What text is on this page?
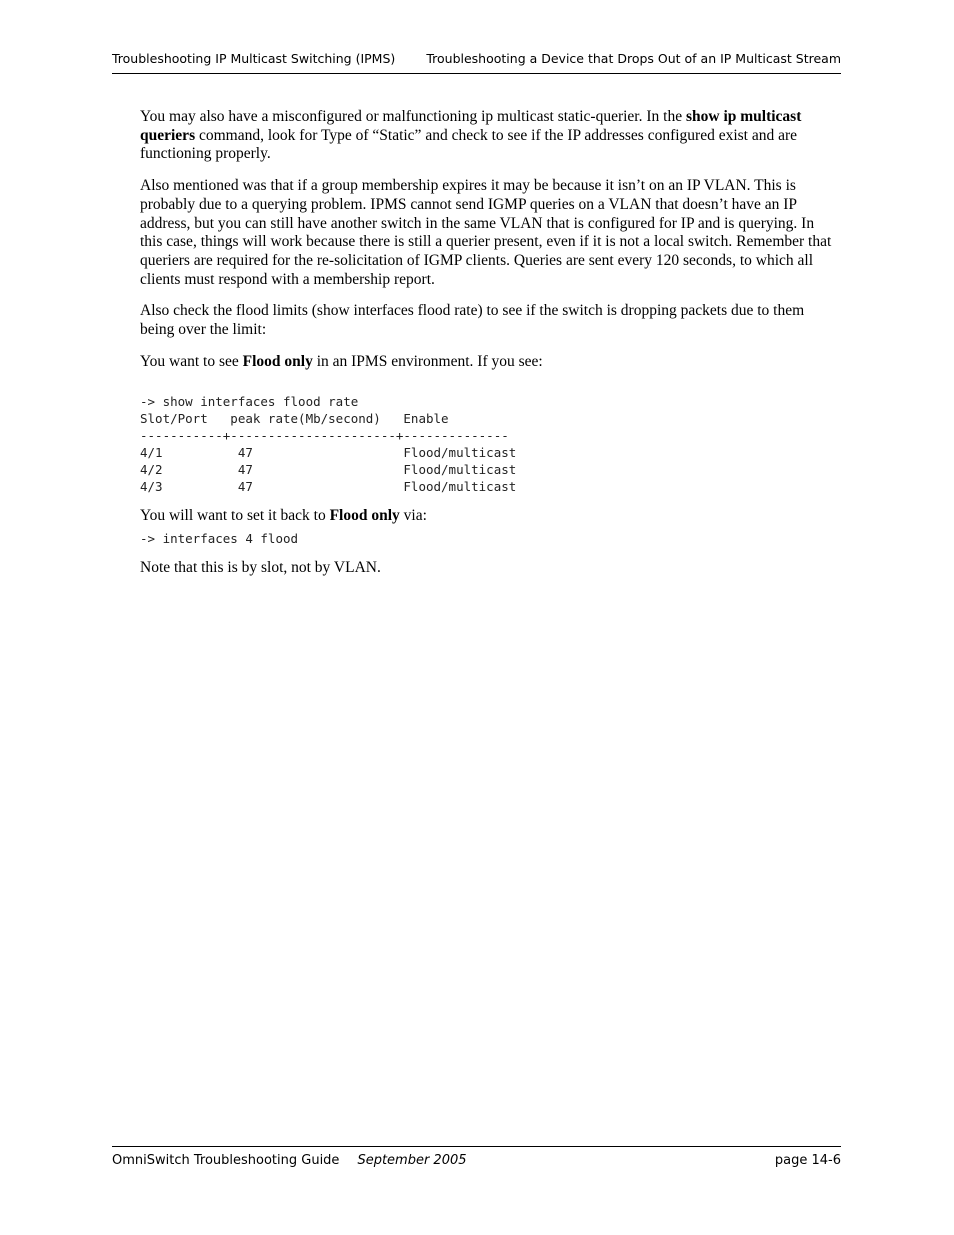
Troubleshooting IP Multicast Switching (IPMS) Troubleshooting a Device that Drops Out of an IP Multicast Stream

You may also have a misconfigured or malfunctioning ip multicast static-querier. In the show ip multicast queriers command, look for Type of “Static” and check to see if the IP addresses configured exist and are functioning properly.

Also mentioned was that if a group membership expires it may be because it isn’t on an IP VLAN. This is probably due to a querying problem. IPMS cannot send IGMP queries on a VLAN that doesn’t have an IP address, but you can still have another switch in the same VLAN that is configured for IP and is querying. In this case, things will work because there is still a querier present, even if it is not a local switch. Remember that queriers are required for the re-solicitation of IGMP clients. Queries are sent every 120 seconds, to which all clients must respond with a membership report.

Also check the flood limits (show interfaces flood rate) to see if the switch is dropping packets due to them being over the limit:

You want to see Flood only in an IPMS environment. If you see:

-> show interfaces flood rate
Slot/Port   peak rate(Mb/second)   Enable
-----------+----------------------+--------------
4/1          47                    Flood/multicast
4/2          47                    Flood/multicast
4/3          47                    Flood/multicast

You will want to set it back to Flood only via:

-> interfaces 4 flood

Note that this is by slot, not by VLAN.

OmniSwitch Troubleshooting Guide September 2005	page 14-6
